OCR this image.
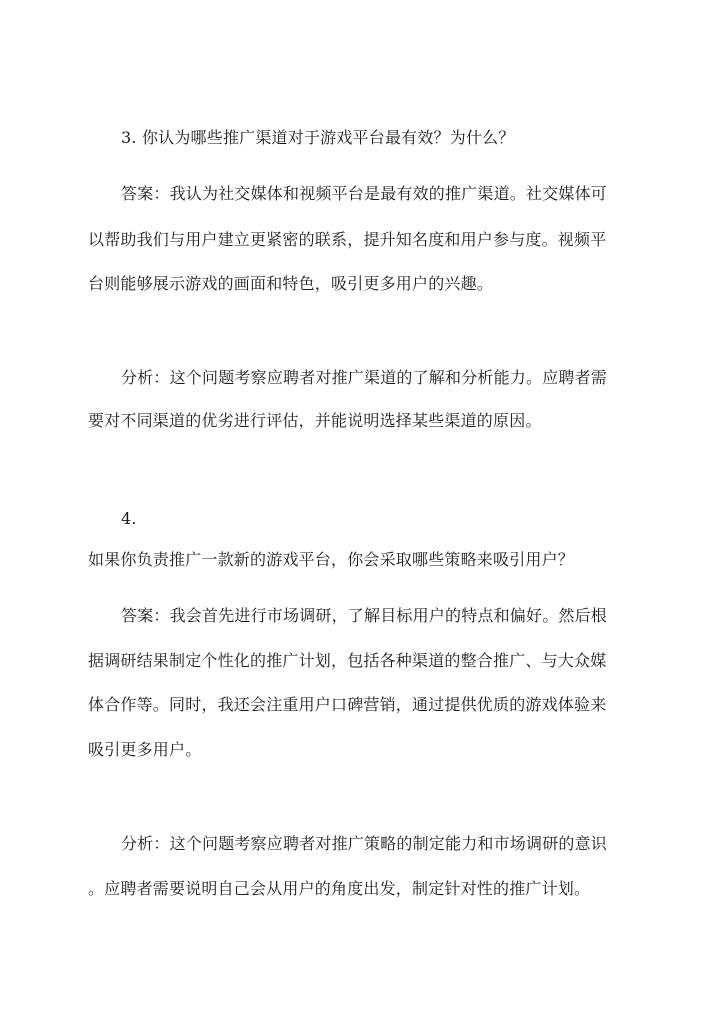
3. 你认为哪些推广渠道对于游戏平台最有效？为什么？
答案：我认为社交媒体和视频平台是最有效的推广渠道。社交媒体可
以帮助我们与用户建立更紧密的联系，提升知名度和用户参与度。视频平
台则能够展示游戏的画面和特色，吸引更多用户的兴趣。
分析：这个问题考察应聘者对推广渠道的了解和分析能力。应聘者需
要对不同渠道的优劣进行评估，并能说明选择某些渠道的原因。
4.
如果你负责推广一款新的游戏平台，你会采取哪些策略来吸引用户？
答案：我会首先进行市场调研，了解目标用户的特点和偏好。然后根
据调研结果制定个性化的推广计划，包括各种渠道的整合推广、与大众媒
体合作等。同时，我还会注重用户口碑营销，通过提供优质的游戏体验来
吸引更多用户。
分析：这个问题考察应聘者对推广策略的制定能力和市场调研的意识
。应聘者需要说明自己会从用户的角度出发，制定针对性的推广计划。
